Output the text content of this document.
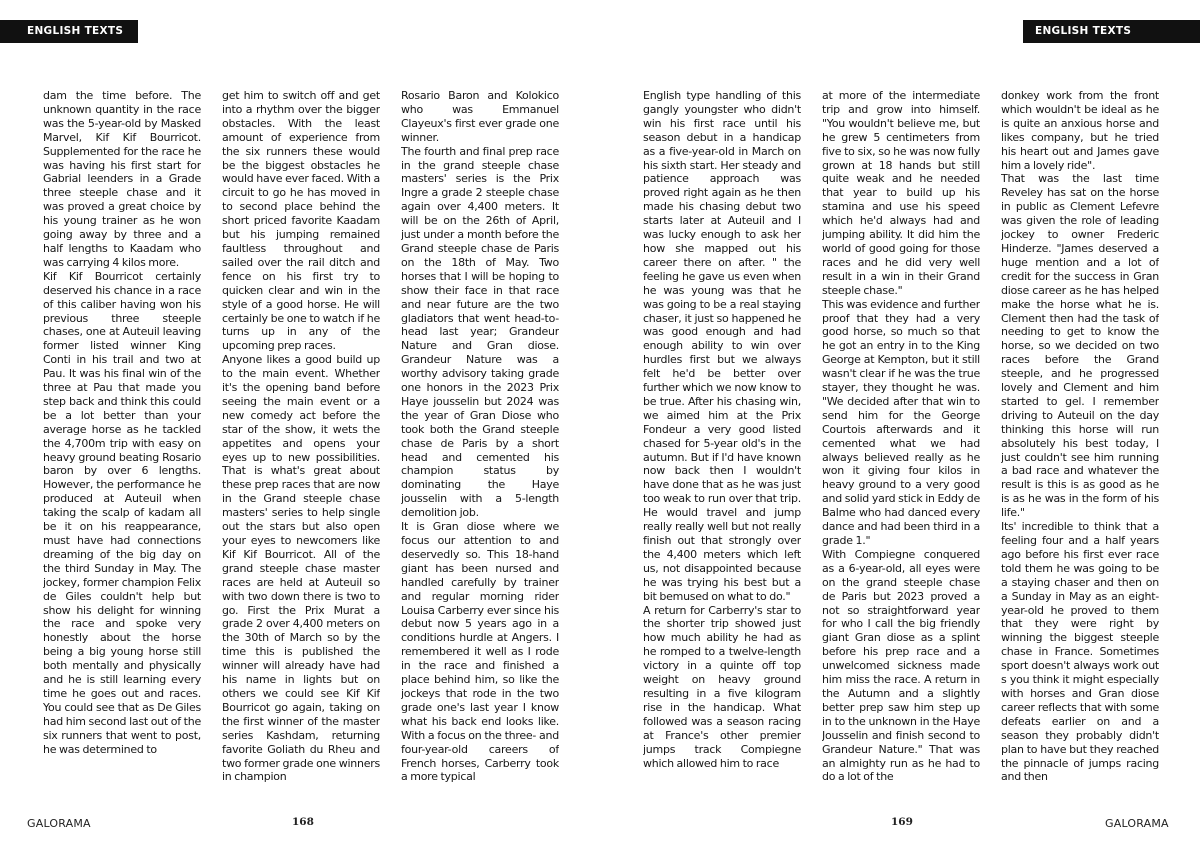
ENGLISH TEXTS	ENGLISH TEXTS

dam the time before. The unknown quantity in the race was the 5-year-old by Masked Marvel, Kif Kif Bourricot. Supplemented for the race he was having his first start for Gabrial leenders in a Grade three steeple chase and it was proved a great choice by his young trainer as he won going away by three and a half lengths to Kaadam who was carrying 4 kilos more.

Kif Kif Bourricot certainly deserved his chance in a race of this caliber having won his previous three steeple chases, one at Auteuil leaving former listed winner King Conti in his trail and two at Pau. It was his final win of the three at Pau that made you step back and think this could be a lot better than your average horse as he tackled the 4,700m trip with easy on heavy ground beating Rosario baron by over 6 lengths. However, the performance he produced at Auteuil when taking the scalp of kadam all be it on his reappearance, must have had connections dreaming of the big day on the third Sunday in May. The jockey, former champion Felix de Giles couldn't help but show his delight for winning the race and spoke very honestly about the horse being a big young horse still both mentally and physically and he is still learning every time he goes out and races. You could see that as De Giles had him second last out of the six runners that went to post, he was determined to

get him to switch off and get into a rhythm over the bigger obstacles. With the least amount of experience from the six runners these would be the biggest obstacles he would have ever faced. With a circuit to go he has moved in to second place behind the short priced favorite Kaadam but his jumping remained faultless throughout and sailed over the rail ditch and fence on his first try to quicken clear and win in the style of a good horse. He will certainly be one to watch if he turns up in any of the upcoming prep races.

Anyone likes a good build up to the main event. Whether it's the opening band before seeing the main event or a new comedy act before the star of the show, it wets the appetites and opens your eyes up to new possibilities. That is what's great about these prep races that are now in the Grand steeple chase masters' series to help single out the stars but also open your eyes to newcomers like Kif Kif Bourricot. All of the grand steeple chase master races are held at Auteuil so with two down there is two to go. First the Prix Murat a grade 2 over 4,400 meters on the 30th of March so by the time this is published the winner will already have had his name in lights but on others we could see Kif Kif Bourricot go again, taking on the first winner of the master series Kashdam, returning favorite Goliath du Rheu and two former grade one winners in champion

Rosario Baron and Kolokico who was Emmanuel Clayeux's first ever grade one winner.

The fourth and final prep race in the grand steeple chase masters' series is the Prix Ingre a grade 2 steeple chase again over 4,400 meters. It will be on the 26th of April, just under a month before the Grand steeple chase de Paris on the 18th of May. Two horses that I will be hoping to show their face in that race and near future are the two gladiators that went head-to-head last year; Grandeur Nature and Gran diose. Grandeur Nature was a worthy advisory taking grade one honors in the 2023 Prix Haye jousselin but 2024 was the year of Gran Diose who took both the Grand steeple chase de Paris by a short head and cemented his champion status by dominating the Haye jousselin with a 5-length demolition job.

It is Gran diose where we focus our attention to and deservedly so. This 18-hand giant has been nursed and handled carefully by trainer and regular morning rider Louisa Carberry ever since his debut now 5 years ago in a conditions hurdle at Angers. I remembered it well as I rode in the race and finished a place behind him, so like the jockeys that rode in the two grade one's last year I know what his back end looks like. With a focus on the three- and four-year-old careers of French horses, Carberry took a more typical

English type handling of this gangly youngster who didn't win his first race until his season debut in a handicap as a five-year-old in March on his sixth start. Her steady and patience approach was proved right again as he then made his chasing debut two starts later at Auteuil and I was lucky enough to ask her how she mapped out his career there on after. " the feeling he gave us even when he was young was that he was going to be a real staying chaser, it just so happened he was good enough and had enough ability to win over hurdles first but we always felt he'd be better over further which we now know to be true. After his chasing win, we aimed him at the Prix Fondeur a very good listed chased for 5-year old's in the autumn. But if I'd have known now back then I wouldn't have done that as he was just too weak to run over that trip. He would travel and jump really really well but not really finish out that strongly over the 4,400 meters which left us, not disappointed because he was trying his best but a bit bemused on what to do."

A return for Carberry's star to the shorter trip showed just how much ability he had as he romped to a twelve-length victory in a quinte off top weight on heavy ground resulting in a five kilogram rise in the handicap. What followed was a season racing at France's other premier jumps track Compiegne which allowed him to race

at more of the intermediate trip and grow into himself. "You wouldn't believe me, but he grew 5 centimeters from five to six, so he was now fully grown at 18 hands but still quite weak and he needed that year to build up his stamina and use his speed which he'd always had and jumping ability. It did him the world of good going for those races and he did very well result in a win in their Grand steeple chase."

This was evidence and further proof that they had a very good horse, so much so that he got an entry in to the King George at Kempton, but it still wasn't clear if he was the true stayer, they thought he was. "We decided after that win to send him for the George Courtois afterwards and it cemented what we had always believed really as he won it giving four kilos in heavy ground to a very good and solid yard stick in Eddy de Balme who had danced every dance and had been third in a grade 1."

With Compiegne conquered as a 6-year-old, all eyes were on the grand steeple chase de Paris but 2023 proved a not so straightforward year for who I call the big friendly giant Gran diose as a splint before his prep race and a unwelcomed sickness made him miss the race. A return in the Autumn and a slightly better prep saw him step up in to the unknown in the Haye Jousselin and finish second to Grandeur Nature." That was an almighty run as he had to do a lot of the

donkey work from the front which wouldn't be ideal as he is quite an anxious horse and likes company, but he tried his heart out and James gave him a lovely ride".

That was the last time Reveley has sat on the horse in public as Clement Lefevre was given the role of leading jockey to owner Frederic Hinderze. "James deserved a huge mention and a lot of credit for the success in Gran diose career as he has helped make the horse what he is. Clement then had the task of needing to get to know the horse, so we decided on two races before the Grand steeple, and he progressed lovely and Clement and him started to gel. I remember driving to Auteuil on the day thinking this horse will run absolutely his best today, I just couldn't see him running a bad race and whatever the result is this is as good as he is as he was in the form of his life."

Its' incredible to think that a feeling four and a half years ago before his first ever race told them he was going to be a staying chaser and then on a Sunday in May as an eight-year-old he proved to them that they were right by winning the biggest steeple chase in France. Sometimes sport doesn't always work out s you think it might especially with horses and Gran diose career reflects that with some defeats earlier on and a season they probably didn't plan to have but they reached the pinnacle of jumps racing and then

GALORAMA	168	169	GALORAMA
